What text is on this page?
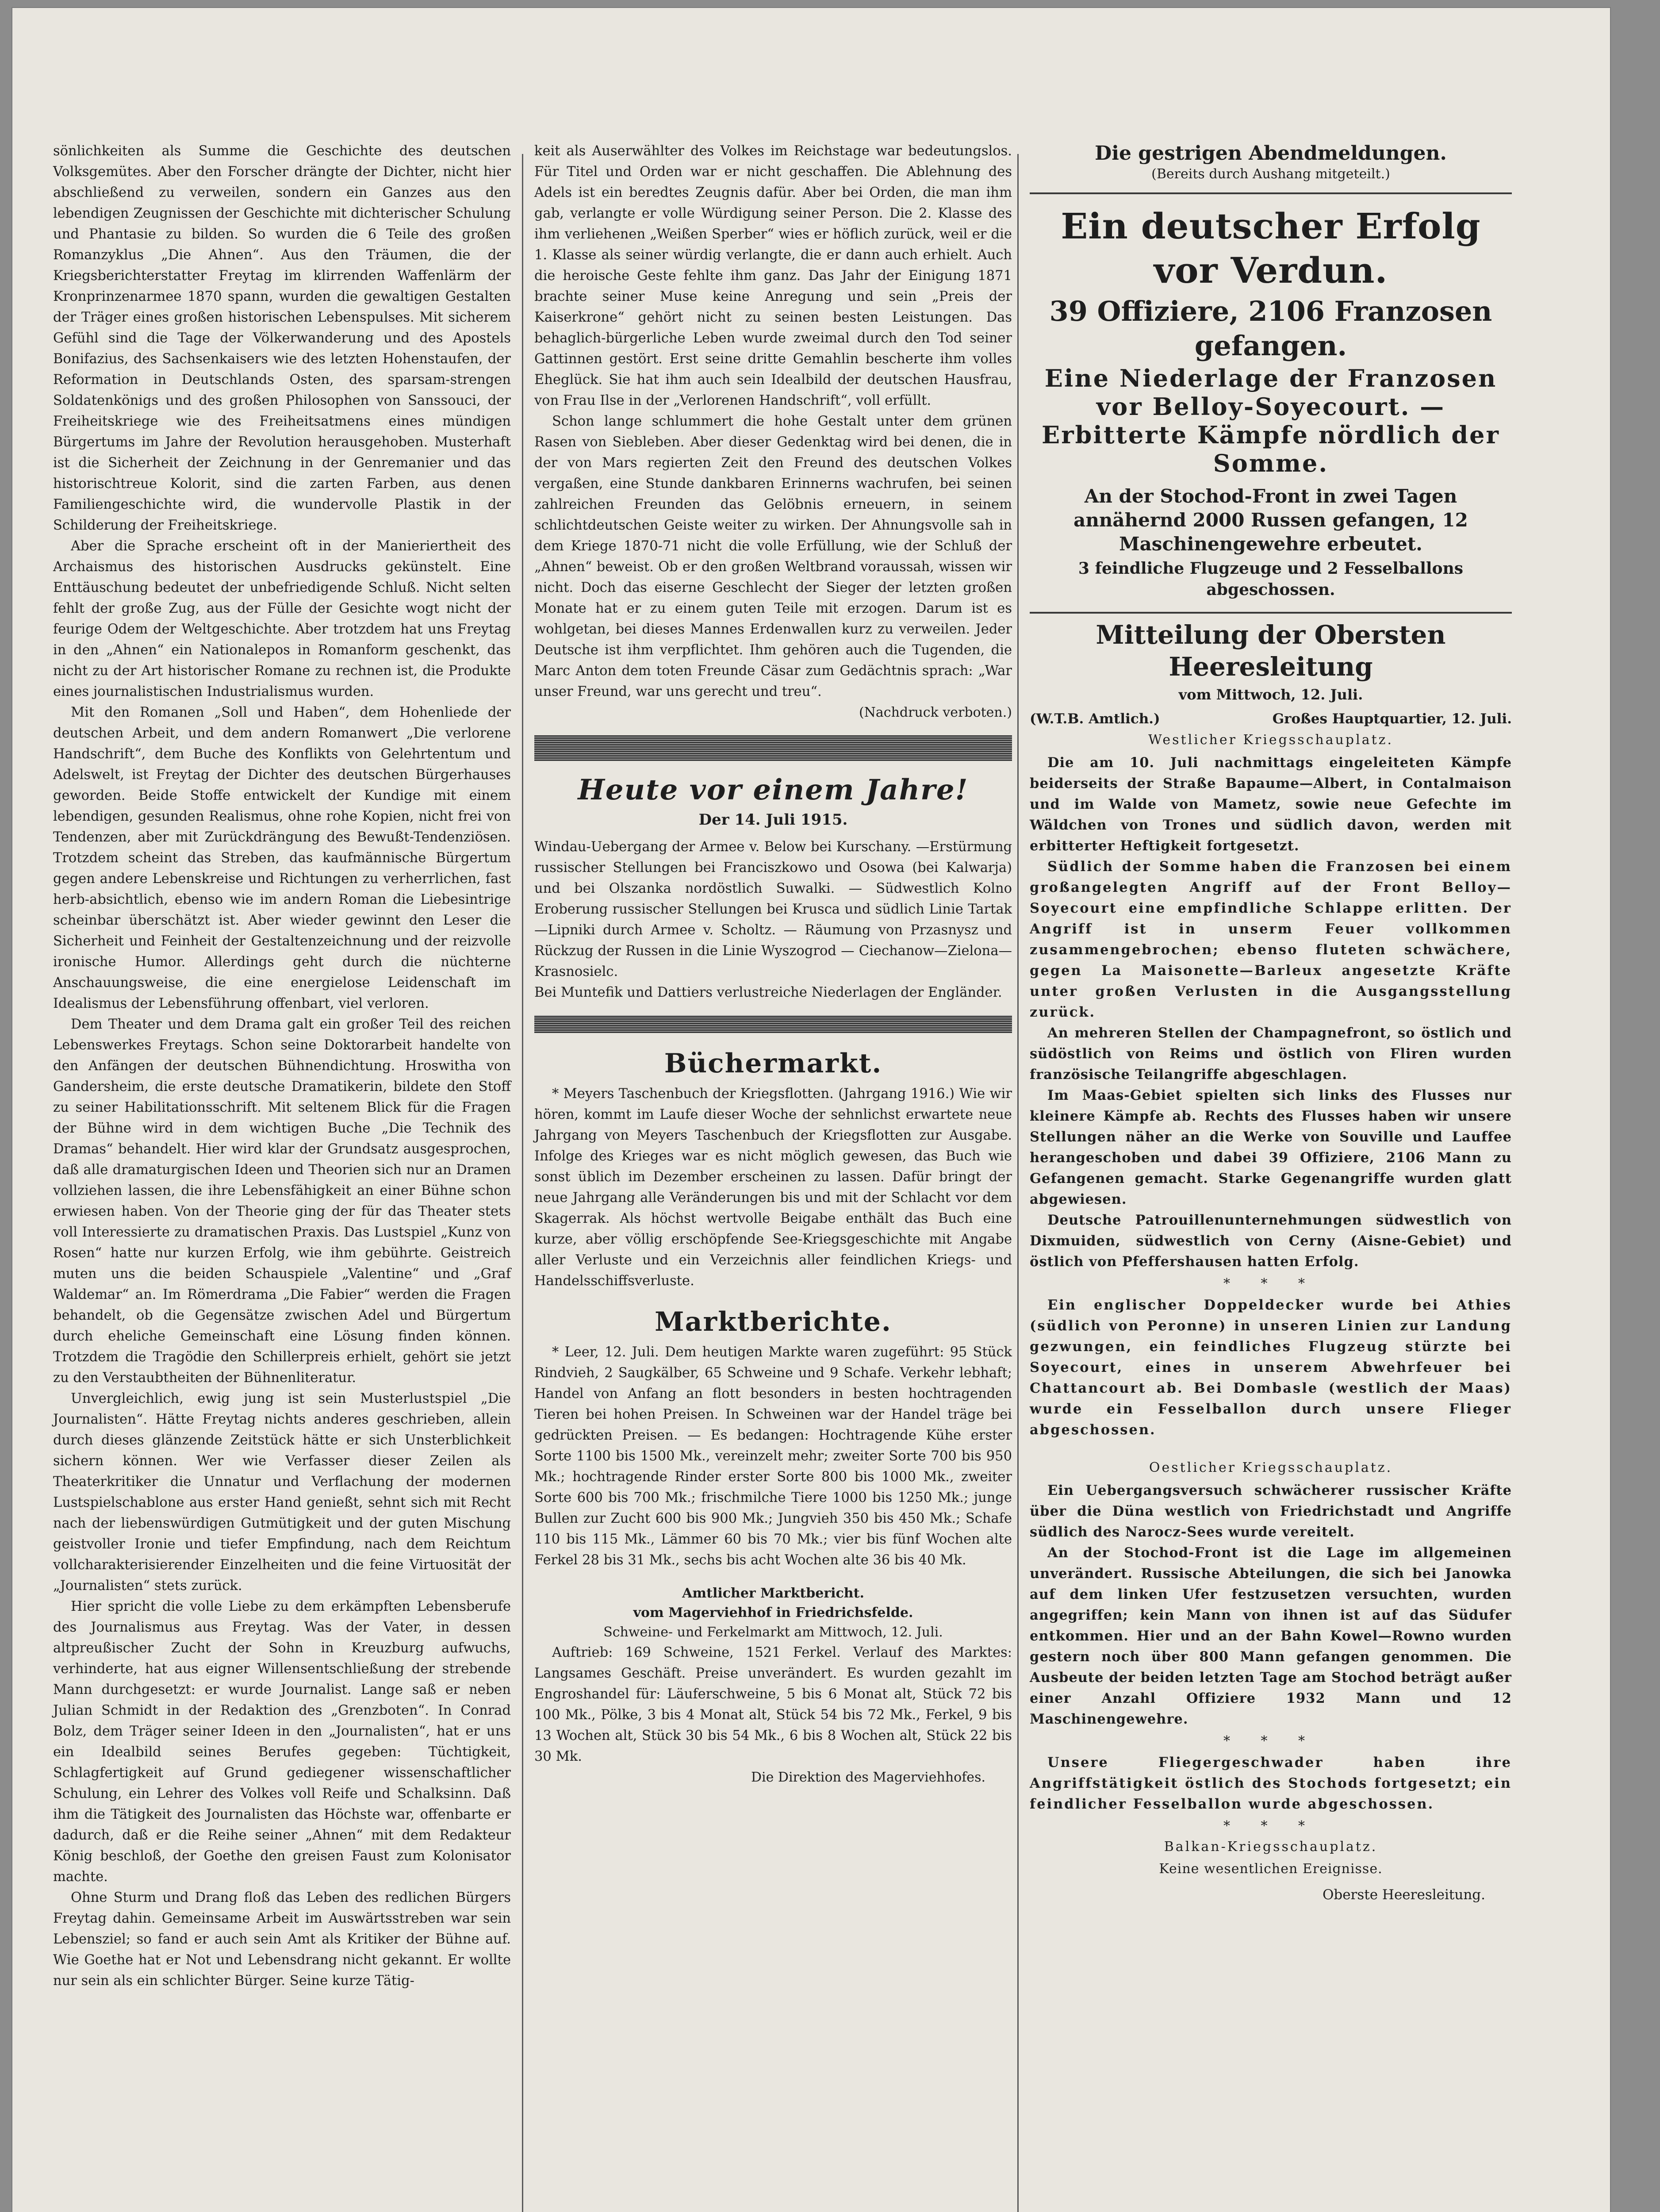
sönlichkeiten als Summe die Geschichte des deutschen Volksgemütes. Aber den Forscher drängte der Dichter, nicht hier abschließend zu verweilen, sondern ein Ganzes aus den lebendigen Zeugnissen der Geschichte mit dichterischer Schulung und Phantasie zu bilden. So wurden die 6 Teile des großen Romanzyklus „Die Ahnen“. Aus den Träumen, die der Kriegsberichterstatter Freytag im klirrenden Waffenlärm der Kronprinzenarmee 1870 spann, wurden die gewaltigen Gestalten der Träger eines großen historischen Lebenspulses. Mit sicherem Gefühl sind die Tage der Völkerwanderung und des Apostels Bonifazius, des Sachsenkaisers wie des letzten Hohenstaufen, der Reformation in Deutschlands Osten, des sparsam-strengen Soldatenkönigs und des großen Philosophen von Sanssouci, der Freiheitskriege wie des Freiheitsatmens eines mündigen Bürgertums im Jahre der Revolution herausgehoben. Musterhaft ist die Sicherheit der Zeichnung in der Genremanier und das historischtreue Kolorit, sind die zarten Farben, aus denen Familiengeschichte wird, die wundervolle Plastik in der Schilderung der Freiheitskriege.

Aber die Sprache erscheint oft in der Manieriertheit des Archaismus des historischen Ausdrucks gekünstelt. Eine Enttäuschung bedeutet der unbefriedigende Schluß. Nicht selten fehlt der große Zug, aus der Fülle der Gesichte wogt nicht der feurige Odem der Weltgeschichte. Aber trotzdem hat uns Freytag in den „Ahnen“ ein Nationalepos in Romanform geschenkt, das nicht zu der Art historischer Romane zu rechnen ist, die Produkte eines journalistischen Industrialismus wurden.

Mit den Romanen „Soll und Haben“, dem Hohenliede der deutschen Arbeit, und dem andern Romanwert „Die verlorene Handschrift“, dem Buche des Konflikts von Gelehrtentum und Adelswelt, ist Freytag der Dichter des deutschen Bürgerhauses geworden. Beide Stoffe entwickelt der Kundige mit einem lebendigen, gesunden Realismus, ohne rohe Kopien, nicht frei von Tendenzen, aber mit Zurückdrängung des Bewußt-Tendenziösen. Trotzdem scheint das Streben, das kaufmännische Bürgertum gegen andere Lebenskreise und Richtungen zu verherrlichen, fast herb-absichtlich, ebenso wie im andern Roman die Liebesintrige scheinbar überschätzt ist. Aber wieder gewinnt den Leser die Sicherheit und Feinheit der Gestaltenzeichnung und der reizvolle ironische Humor. Allerdings geht durch die nüchterne Anschauungsweise, die eine energielose Leidenschaft im Idealismus der Lebensführung offenbart, viel verloren.

Dem Theater und dem Drama galt ein großer Teil des reichen Lebenswerkes Freytags. Schon seine Doktorarbeit handelte von den Anfängen der deutschen Bühnendichtung. Hroswitha von Gandersheim, die erste deutsche Dramatikerin, bildete den Stoff zu seiner Habilitationsschrift. Mit seltenem Blick für die Fragen der Bühne wird in dem wichtigen Buche „Die Technik des Dramas“ behandelt. Hier wird klar der Grundsatz ausgesprochen, daß alle dramaturgischen Ideen und Theorien sich nur an Dramen vollziehen lassen, die ihre Lebensfähigkeit an einer Bühne schon erwiesen haben. Von der Theorie ging der für das Theater stets voll Interessierte zu dramatischen Praxis. Das Lustspiel „Kunz von Rosen“ hatte nur kurzen Erfolg, wie ihm gebührte. Geistreich muten uns die beiden Schauspiele „Valentine“ und „Graf Waldemar“ an. Im Römerdrama „Die Fabier“ werden die Fragen behandelt, ob die Gegensätze zwischen Adel und Bürgertum durch eheliche Gemeinschaft eine Lösung finden können. Trotzdem die Tragödie den Schillerpreis erhielt, gehört sie jetzt zu den Verstaubtheiten der Bühnenliteratur.

Unvergleichlich, ewig jung ist sein Musterlustspiel „Die Journalisten“. Hätte Freytag nichts anderes geschrieben, allein durch dieses glänzende Zeitstück hätte er sich Unsterblichkeit sichern können. Wer wie Verfasser dieser Zeilen als Theaterkritiker die Unnatur und Verflachung der modernen Lustspielschablone aus erster Hand genießt, sehnt sich mit Recht nach der liebenswürdigen Gutmütigkeit und der guten Mischung geistvoller Ironie und tiefer Empfindung, nach dem Reichtum vollcharakterisierender Einzelheiten und die feine Virtuosität der „Journalisten“ stets zurück.

Hier spricht die volle Liebe zu dem erkämpften Lebensberufe des Journalismus aus Freytag. Was der Vater, in dessen altpreußischer Zucht der Sohn in Kreuzburg aufwuchs, verhinderte, hat aus eigner Willensentschließung der strebende Mann durchgesetzt: er wurde Journalist. Lange saß er neben Julian Schmidt in der Redaktion des „Grenzboten“. In Conrad Bolz, dem Träger seiner Ideen in den „Journalisten“, hat er uns ein Idealbild seines Berufes gegeben: Tüchtigkeit, Schlagfertigkeit auf Grund gediegener wissenschaftlicher Schulung, ein Lehrer des Volkes voll Reife und Schalksinn. Daß ihm die Tätigkeit des Journalisten das Höchste war, offenbarte er dadurch, daß er die Reihe seiner „Ahnen“ mit dem Redakteur König beschloß, der Goethe den greisen Faust zum Kolonisator machte.

Ohne Sturm und Drang floß das Leben des redlichen Bürgers Freytag dahin. Gemeinsame Arbeit im Auswärtsstreben war sein Lebensziel; so fand er auch sein Amt als Kritiker der Bühne auf. Wie Goethe hat er Not und Lebensdrang nicht gekannt. Er wollte nur sein als ein schlichter Bürger. Seine kurze Tätig-

keit als Auserwählter des Volkes im Reichstage war bedeutungslos. Für Titel und Orden war er nicht geschaffen. Die Ablehnung des Adels ist ein beredtes Zeugnis dafür. Aber bei Orden, die man ihm gab, verlangte er volle Würdigung seiner Person. Die 2. Klasse des ihm verliehenen „Weißen Sperber“ wies er höflich zurück, weil er die 1. Klasse als seiner würdig verlangte, die er dann auch erhielt. Auch die heroische Geste fehlte ihm ganz. Das Jahr der Einigung 1871 brachte seiner Muse keine Anregung und sein „Preis der Kaiserkrone“ gehört nicht zu seinen besten Leistungen. Das behaglich-bürgerliche Leben wurde zweimal durch den Tod seiner Gattinnen gestört. Erst seine dritte Gemahlin bescherte ihm volles Eheglück. Sie hat ihm auch sein Idealbild der deutschen Hausfrau, von Frau Ilse in der „Verlorenen Handschrift“, voll erfüllt.

Schon lange schlummert die hohe Gestalt unter dem grünen Rasen von Siebleben. Aber dieser Gedenktag wird bei denen, die in der von Mars regierten Zeit den Freund des deutschen Volkes vergaßen, eine Stunde dankbaren Erinnerns wachrufen, bei seinen zahlreichen Freunden das Gelöbnis erneuern, in seinem schlichtdeutschen Geiste weiter zu wirken. Der Ahnungsvolle sah in dem Kriege 1870-71 nicht die volle Erfüllung, wie der Schluß der „Ahnen“ beweist. Ob er den großen Weltbrand voraussah, wissen wir nicht. Doch das eiserne Geschlecht der Sieger der letzten großen Monate hat er zu einem guten Teile mit erzogen. Darum ist es wohlgetan, bei dieses Mannes Erdenwallen kurz zu verweilen. Jeder Deutsche ist ihm verpflichtet. Ihm gehören auch die Tugenden, die Marc Anton dem toten Freunde Cäsar zum Gedächtnis sprach: „War unser Freund, war uns gerecht und treu“.

(Nachdruck verboten.)

Heute vor einem Jahre!

Der 14. Juli 1915.

Windau-Uebergang der Armee v. Below bei Kurschany. —Erstürmung russischer Stellungen bei Franciszkowo und Osowa (bei Kalwarja) und bei Olszanka nordöstlich Suwalki. — Südwestlich Kolno Eroberung russischer Stellungen bei Krusca und südlich Linie Tartak—Lipniki durch Armee v. Scholtz. — Räumung von Przasnysz und Rückzug der Russen in die Linie Wyszogrod — Ciechanow—Zielona—Krasnosielc.

Bei Muntefik und Dattiers verlustreiche Niederlagen der Engländer.

Büchermarkt.

* Meyers Taschenbuch der Kriegsflotten. (Jahrgang 1916.) Wie wir hören, kommt im Laufe dieser Woche der sehnlichst erwartete neue Jahrgang von Meyers Taschenbuch der Kriegsflotten zur Ausgabe. Infolge des Krieges war es nicht möglich gewesen, das Buch wie sonst üblich im Dezember erscheinen zu lassen. Dafür bringt der neue Jahrgang alle Veränderungen bis und mit der Schlacht vor dem Skagerrak. Als höchst wertvolle Beigabe enthält das Buch eine kurze, aber völlig erschöpfende See-Kriegsgeschichte mit Angabe aller Verluste und ein Verzeichnis aller feindlichen Kriegs- und Handelsschiffsverluste.

Marktberichte.

* Leer, 12. Juli. Dem heutigen Markte waren zugeführt: 95 Stück Rindvieh, 2 Saugkälber, 65 Schweine und 9 Schafe. Verkehr lebhaft; Handel von Anfang an flott besonders in besten hochtragenden Tieren bei hohen Preisen. In Schweinen war der Handel träge bei gedrückten Preisen. — Es bedangen: Hochtragende Kühe erster Sorte 1100 bis 1500 Mk., vereinzelt mehr; zweiter Sorte 700 bis 950 Mk.; hochtragende Rinder erster Sorte 800 bis 1000 Mk., zweiter Sorte 600 bis 700 Mk.; frischmilche Tiere 1000 bis 1250 Mk.; junge Bullen zur Zucht 600 bis 900 Mk.; Jungvieh 350 bis 450 Mk.; Schafe 110 bis 115 Mk., Lämmer 60 bis 70 Mk.; vier bis fünf Wochen alte Ferkel 28 bis 31 Mk., sechs bis acht Wochen alte 36 bis 40 Mk.

Amtlicher Marktbericht.

vom Magerviehhof in Friedrichsfelde.

Schweine- und Ferkelmarkt am Mittwoch, 12. Juli.

Auftrieb: 169 Schweine, 1521 Ferkel. Verlauf des Marktes: Langsames Geschäft. Preise unverändert. Es wurden gezahlt im Engroshandel für: Läuferschweine, 5 bis 6 Monat alt, Stück 72 bis 100 Mk., Pölke, 3 bis 4 Monat alt, Stück 54 bis 72 Mk., Ferkel, 9 bis 13 Wochen alt, Stück 30 bis 54 Mk., 6 bis 8 Wochen alt, Stück 22 bis 30 Mk.

Die Direktion des Magerviehhofes.

Die gestrigen Abendmeldungen.

(Bereits durch Aushang mitgeteilt.)

Ein deutscher Erfolg vor Verdun.

39 Offiziere, 2106 Franzosen

gefangen.

Eine Niederlage der Franzosen vor Belloy-Soyecourt. — Erbitterte Kämpfe nördlich der Somme.

An der Stochod-Front in zwei Tagen annähernd 2000 Russen gefangen, 12 Maschinengewehre erbeutet.

3 feindliche Flugzeuge und 2 Fesselballons abgeschossen.

Mitteilung der Obersten Heeresleitung

vom Mittwoch, 12. Juli.

(W.T.B. Amtlich.)	Großes Hauptquartier, 12. Juli.

Westlicher Kriegsschauplatz.

Die am 10. Juli nachmittags eingeleiteten Kämpfe beiderseits der Straße Bapaume—Albert, in Contalmaison und im Walde von Mametz, sowie neue Gefechte im Wäldchen von Trones und südlich davon, werden mit erbitterter Heftigkeit fortgesetzt.

Südlich der Somme haben die Franzosen bei einem großangelegten Angriff auf der Front Belloy—Soyecourt eine empfindliche Schlappe erlitten. Der Angriff ist in unserm Feuer vollkommen zusammengebrochen; ebenso fluteten schwächere, gegen La Maisonette—Barleux angesetzte Kräfte unter großen Verlusten in die Ausgangsstellung zurück.

An mehreren Stellen der Champagnefront, so östlich und südöstlich von Reims und östlich von Fliren wurden französische Teilangriffe abgeschlagen.

Im Maas-Gebiet spielten sich links des Flusses nur kleinere Kämpfe ab. Rechts des Flusses haben wir unsere Stellungen näher an die Werke von Souville und Lauffee herangeschoben und dabei 39 Offiziere, 2106 Mann zu Gefangenen gemacht. Starke Gegenangriffe wurden glatt abgewiesen.

Deutsche Patrouillenunternehmungen südwestlich von Dixmuiden, südwestlich von Cerny (Aisne-Gebiet) und östlich von Pfeffershausen hatten Erfolg.

* * *

Ein englischer Doppeldecker wurde bei Athies (südlich von Peronne) in unseren Linien zur Landung gezwungen, ein feindliches Flugzeug stürzte bei Soyecourt, eines in unserem Abwehrfeuer bei Chattancourt ab. Bei Dombasle (westlich der Maas) wurde ein Fesselballon durch unsere Flieger abgeschossen.

Oestlicher Kriegsschauplatz.

Ein Uebergangsversuch schwächerer russischer Kräfte über die Düna westlich von Friedrichstadt und Angriffe südlich des Narocz-Sees wurde vereitelt.

An der Stochod-Front ist die Lage im allgemeinen unverändert. Russische Abteilungen, die sich bei Janowka auf dem linken Ufer festzusetzen versuchten, wurden angegriffen; kein Mann von ihnen ist auf das Südufer entkommen. Hier und an der Bahn Kowel—Rowno wurden gestern noch über 800 Mann gefangen genommen. Die Ausbeute der beiden letzten Tage am Stochod beträgt außer einer Anzahl Offiziere 1932 Mann und 12 Maschinengewehre.

* * *

Unsere Fliegergeschwader haben ihre Angriffstätigkeit östlich des Stochods fortgesetzt; ein feindlicher Fesselballon wurde abgeschossen.

* * *

Balkan-Kriegsschauplatz.

Keine wesentlichen Ereignisse.

Oberste Heeresleitung.
